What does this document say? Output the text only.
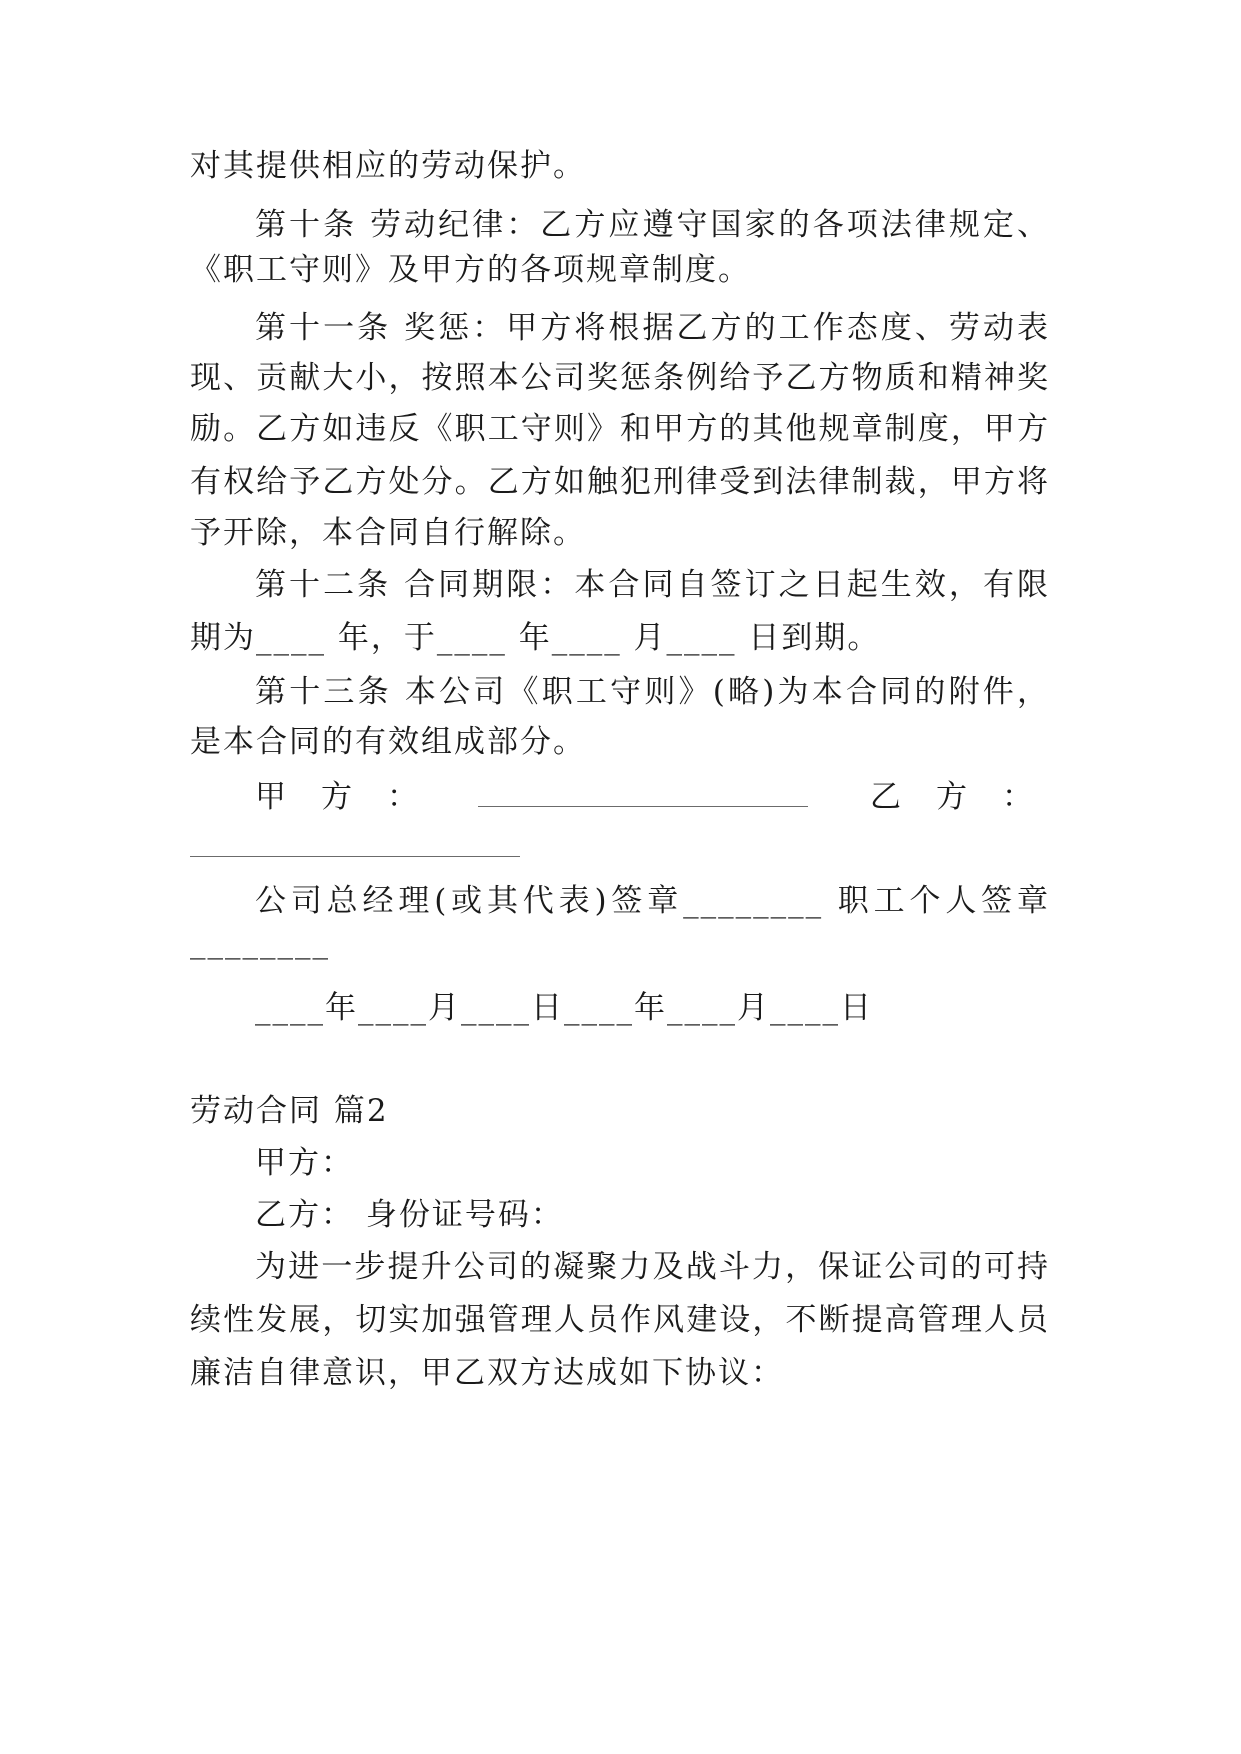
对其提供相应的劳动保护。
第十条 劳动纪律：乙方应遵守国家的各项法律规定、
《职工守则》及甲方的各项规章制度。
第十一条 奖惩：甲方将根据乙方的工作态度、劳动表
现、贡献大小，按照本公司奖惩条例给予乙方物质和精神奖
励。乙方如违反《职工守则》和甲方的其他规章制度，甲方
有权给予乙方处分。乙方如触犯刑律受到法律制裁，甲方将
予开除，本合同自行解除。
第十二条 合同期限：本合同自签订之日起生效，有限
期为____ 年，于____ 年____ 月____ 日到期。
第十三条 本公司《职工守则》(略)为本合同的附件，
是本合同的有效组成部分。
甲　方　：	乙　方　：
公司总经理(或其代表)签章________ 职工个人签章
________
____年____月____日____年____月____日
劳动合同 篇2
甲方：
乙方： 身份证号码：
为进一步提升公司的凝聚力及战斗力，保证公司的可持
续性发展，切实加强管理人员作风建设，不断提高管理人员
廉洁自律意识，甲乙双方达成如下协议：
